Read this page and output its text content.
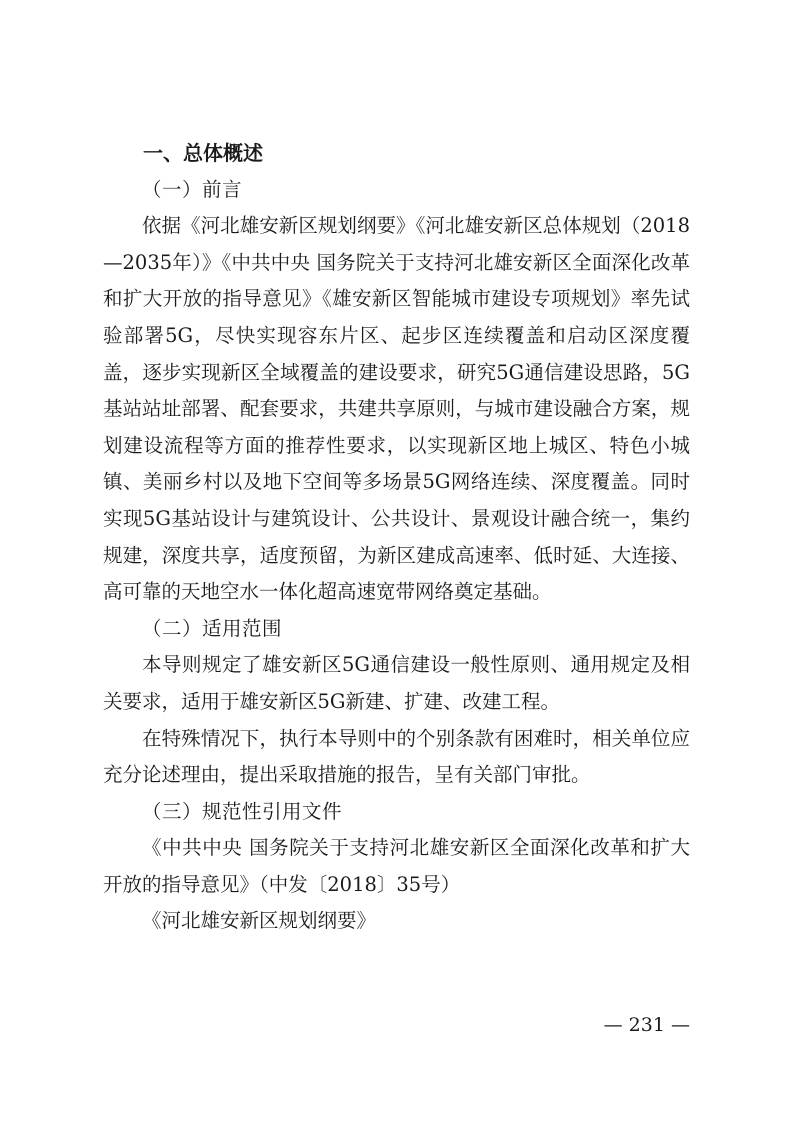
一、总体概述

（一）前言

依据《河北雄安新区规划纲要》《河北雄安新区总体规划（2018—2035年）》《中共中央 国务院关于支持河北雄安新区全面深化改革和扩大开放的指导意见》《雄安新区智能城市建设专项规划》率先试验部署5G，尽快实现容东片区、起步区连续覆盖和启动区深度覆盖，逐步实现新区全域覆盖的建设要求，研究5G通信建设思路，5G基站站址部署、配套要求，共建共享原则，与城市建设融合方案，规划建设流程等方面的推荐性要求，以实现新区地上城区、特色小城镇、美丽乡村以及地下空间等多场景5G网络连续、深度覆盖。同时实现5G基站设计与建筑设计、公共设计、景观设计融合统一，集约规建，深度共享，适度预留，为新区建成高速率、低时延、大连接、高可靠的天地空水一体化超高速宽带网络奠定基础。

（二）适用范围

本导则规定了雄安新区5G通信建设一般性原则、通用规定及相关要求，适用于雄安新区5G新建、扩建、改建工程。

在特殊情况下，执行本导则中的个别条款有困难时，相关单位应充分论述理由，提出采取措施的报告，呈有关部门审批。

（三）规范性引用文件

《中共中央 国务院关于支持河北雄安新区全面深化改革和扩大开放的指导意见》（中发〔2018〕35号）

《河北雄安新区规划纲要》

— 231 —
